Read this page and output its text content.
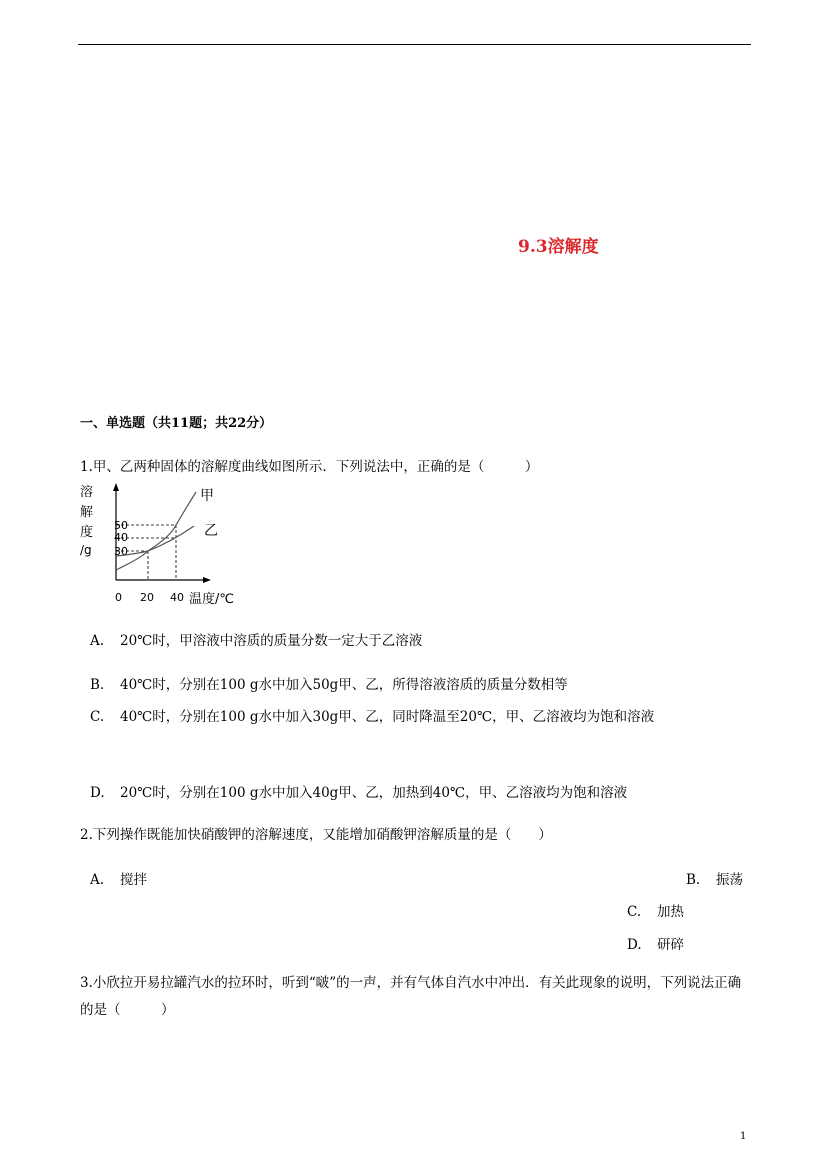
9.3溶解度
一、单选题（共11题；共22分）
1.甲、乙两种固体的溶解度曲线如图所示．下列说法中，正确的是（　　　）
溶
解
度
/g
50
40
30
甲
乙
0 20 40 温度/℃
A. 20℃时，甲溶液中溶质的质量分数一定大于乙溶液
B. 40℃时，分别在100 g水中加入50g甲、乙，所得溶液溶质的质量分数相等
C. 40℃时，分别在100 g水中加入30g甲、乙，同时降温至20℃，甲、乙溶液均为饱和溶液
D. 20℃时，分别在100 g水中加入40g甲、乙，加热到40℃，甲、乙溶液均为饱和溶液
2.下列操作既能加快硝酸钾的溶解速度，又能增加硝酸钾溶解质量的是（　　）
A. 搅拌	B. 振荡
C. 加热
D. 研碎
3.小欣拉开易拉罐汽水的拉环时，听到“啵”的一声，并有气体自汽水中冲出．有关此现象的说明，下列说法正确的是（　　　）
1
